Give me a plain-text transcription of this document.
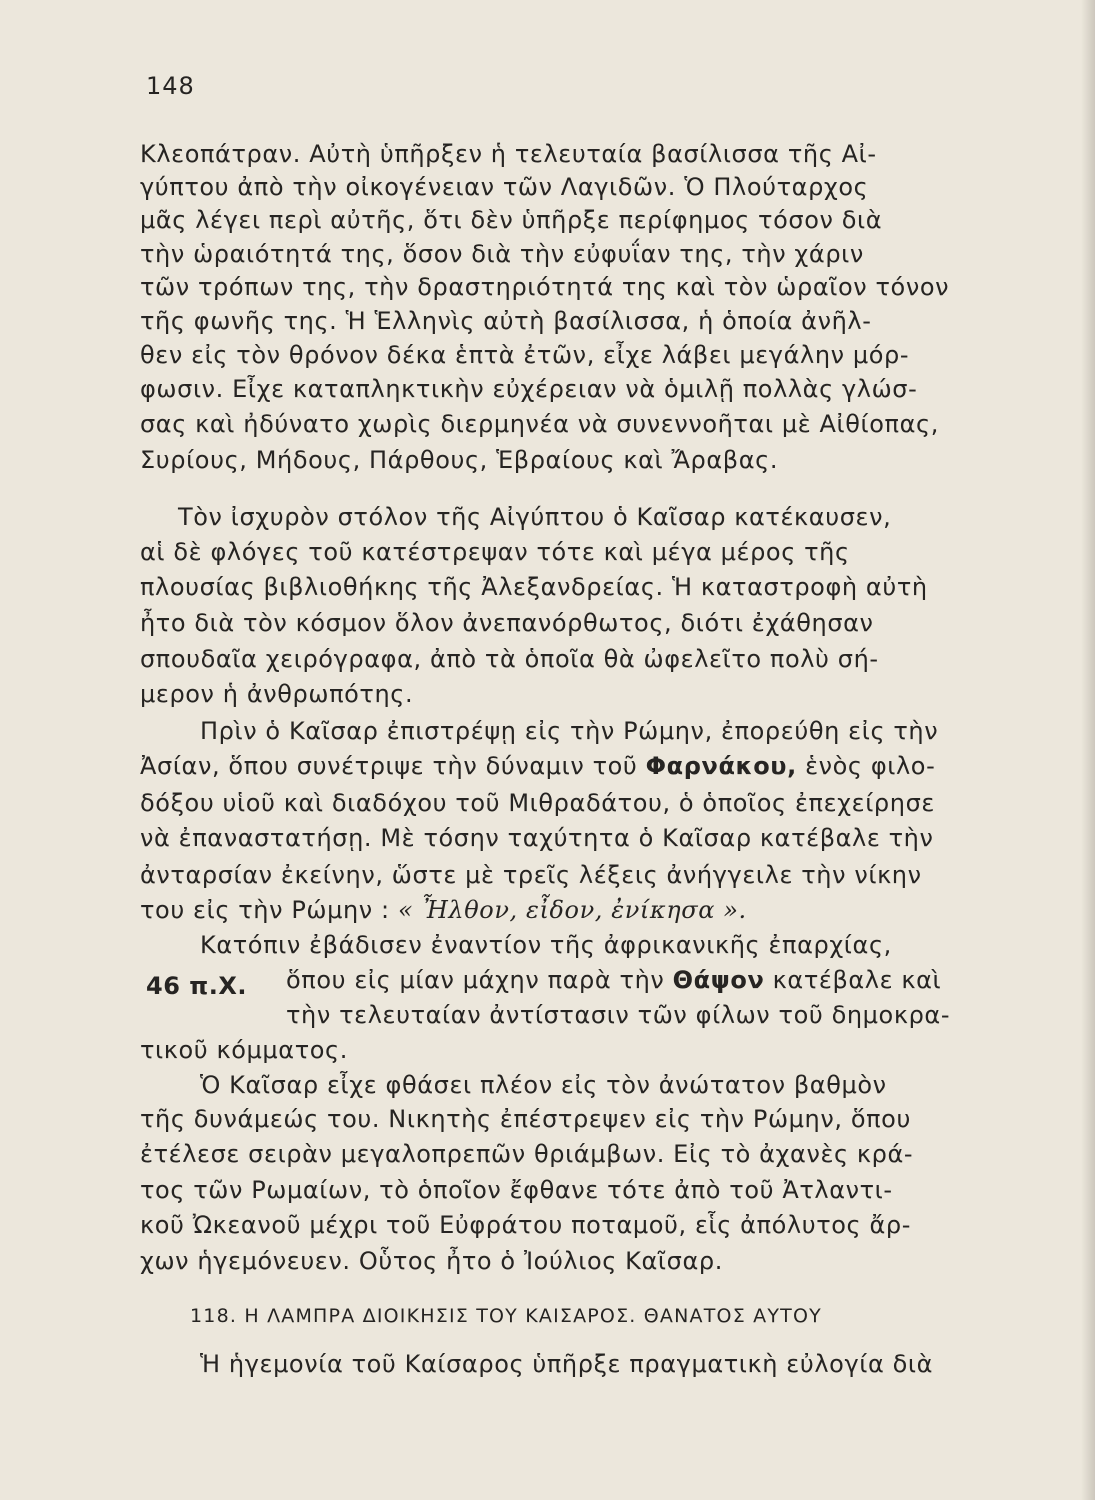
148
Κλεοπάτραν. Αὐτὴ ὑπῆρξεν ἡ τελευταία βασίλισσα τῆς Αἰ-
γύπτου ἀπὸ τὴν οἰκογένειαν τῶν Λαγιδῶν. Ὁ Πλούταρχος
μᾶς λέγει περὶ αὐτῆς, ὅτι δὲν ὑπῆρξε περίφημος τόσον διὰ
τὴν ὡραιότητά της, ὅσον διὰ τὴν εὐφυΐαν της, τὴν χάριν
τῶν τρόπων της, τὴν δραστηριότητά της καὶ τὸν ὡραῖον τόνον
τῆς φωνῆς της. Ἡ Ἑλληνὶς αὐτὴ βασίλισσα, ἡ ὁποία ἀνῆλ-
θεν εἰς τὸν θρόνον δέκα ἑπτὰ ἐτῶν, εἶχε λάβει μεγάλην μόρ-
φωσιν. Εἶχε καταπληκτικὴν εὐχέρειαν νὰ ὁμιλῇ πολλὰς γλώσ-
σας καὶ ἠδύνατο χωρὶς διερμηνέα νὰ συνεννοῆται μὲ Αἰθίοπας,
Συρίους, Μήδους, Πάρθους, Ἑβραίους καὶ Ἄραβας.
Τὸν ἰσχυρὸν στόλον τῆς Αἰγύπτου ὁ Καῖσαρ κατέκαυσεν,
αἱ δὲ φλόγες τοῦ κατέστρεψαν τότε καὶ μέγα μέρος τῆς
πλουσίας βιβλιοθήκης τῆς Ἀλεξανδρείας. Ἡ καταστροφὴ αὐτὴ
ἦτο διὰ τὸν κόσμον ὅλον ἀνεπανόρθωτος, διότι ἐχάθησαν
σπουδαῖα χειρόγραφα, ἀπὸ τὰ ὁποῖα θὰ ὠφελεῖτο πολὺ σή-
μερον ἡ ἀνθρωπότης.
Πρὶν ὁ Καῖσαρ ἐπιστρέψῃ εἰς τὴν Ρώμην, ἐπορεύθη εἰς τὴν
Ἀσίαν, ὅπου συνέτριψε τὴν δύναμιν τοῦ Φαρνάκου, ἑνὸς φιλο-
δόξου υἱοῦ καὶ διαδόχου τοῦ Μιθραδάτου, ὁ ὁποῖος ἐπεχείρησε
νὰ ἐπαναστατήσῃ. Μὲ τόσην ταχύτητα ὁ Καῖσαρ κατέβαλε τὴν
ἀνταρσίαν ἐκείνην, ὥστε μὲ τρεῖς λέξεις ἀνήγγειλε τὴν νίκην
του εἰς τὴν Ρώμην : « Ἦλθον, εἶδον, ἐνίκησα ».
Κατόπιν ἐβάδισεν ἐναντίον τῆς ἀφρικανικῆς ἐπαρχίας,
46 π.Χ. ὅπου εἰς μίαν μάχην παρὰ τὴν Θάψον κατέβαλε καὶ
τὴν τελευταίαν ἀντίστασιν τῶν φίλων τοῦ δημοκρα-
τικοῦ κόμματος.
Ὁ Καῖσαρ εἶχε φθάσει πλέον εἰς τὸν ἀνώτατον βαθμὸν
τῆς δυνάμεώς του. Νικητὴς ἐπέστρεψεν εἰς τὴν Ρώμην, ὅπου
ἐτέλεσε σειρὰν μεγαλοπρεπῶν θριάμβων. Εἰς τὸ ἀχανὲς κρά-
τος τῶν Ρωμαίων, τὸ ὁποῖον ἔφθανε τότε ἀπὸ τοῦ Ἀτλαντι-
κοῦ Ὠκεανοῦ μέχρι τοῦ Εὐφράτου ποταμοῦ, εἷς ἀπόλυτος ἄρ-
χων ἡγεμόνευεν. Οὗτος ἦτο ὁ Ἰούλιος Καῖσαρ.
118. Η ΛΑΜΠΡΑ ΔΙΟΙΚΗΣΙΣ ΤΟΥ ΚΑΙΣΑΡΟΣ. ΘΑΝΑΤΟΣ ΑΥΤΟΥ
Ἡ ἡγεμονία τοῦ Καίσαρος ὑπῆρξε πραγματικὴ εὐλογία διὰ
